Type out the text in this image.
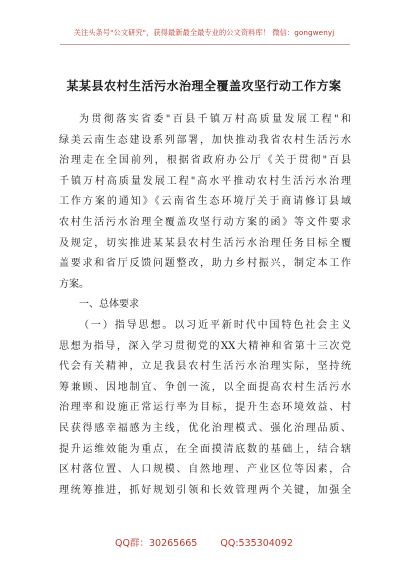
关注头条号"公文研究"，获得最新最全最专业的公文资料库！ 微信：gongwenyj
某某县农村生活污水治理全覆盖攻坚行动工作方案
为贯彻落实省委"百县千镇万村高质量发展工程"和
绿美云南生态建设系列部署，加快推动我省农村生活污水
治理走在全国前列，根据省政府办公厅《关于贯彻"百县
千镇万村高质量发展工程"高水平推动农村生活污水治理
工作方案的通知》《云南省生态环境厅关于商请修订县域
农村生活污水治理全覆盖攻坚行动方案的函》等文件要求
及规定，切实推进某某县农村生活污水治理任务目标全覆
盖要求和省厅反馈问题整改，助力乡村振兴，制定本工作
方案。
一、总体要求
（一）指导思想。以习近平新时代中国特色社会主义
思想为指导，深入学习贯彻党的XX大精神和省第十三次党
代会有关精神，立足我县农村生活污水治理实际，坚持统
筹兼顾、因地制宜、争创一流，以全面提高农村生活污水
治理率和设施正常运行率为目标，提升生态环境效益、村
民获得感幸福感为主线，优化治理模式、强化治理品质、
提升运维效能为重点，在全面摸清底数的基础上，结合辖
区村落位置、人口规模、自然地理、产业区位等因素，合
理统筹推进，抓好规划引领和长效管理两个关键，加强全
QQ群：30265665 QQ:535304092
